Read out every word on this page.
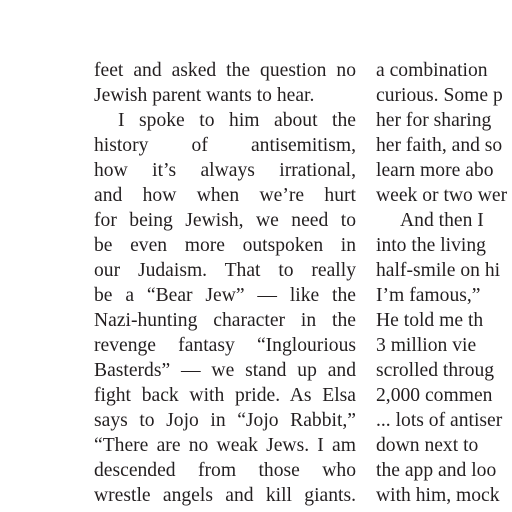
feet and asked the question no
Jewish parent wants to hear.
I spoke to him about the
history of antisemitism,
how it’s always irrational,
and how when we’re hurt
for being Jewish, we need to
be even more outspoken in
our Judaism. That to really
be a “Bear Jew” — like the
Nazi-hunting character in the
revenge fantasy “Inglourious
Basterds” — we stand up and
fight back with pride. As Elsa
says to Jojo in “Jojo Rabbit,”
“There are no weak Jews. I am
descended from those who
wrestle angels and kill giants.
a combination
curious. Some p
her for sharing
her faith, and so
learn more abo
week or two wer
And then I
into the living
half-smile on hi
I’m famous,”
He told me th
3 million vie
scrolled throug
2,000 commen
... lots of antiser
down next to
the app and loo
with him, mock
